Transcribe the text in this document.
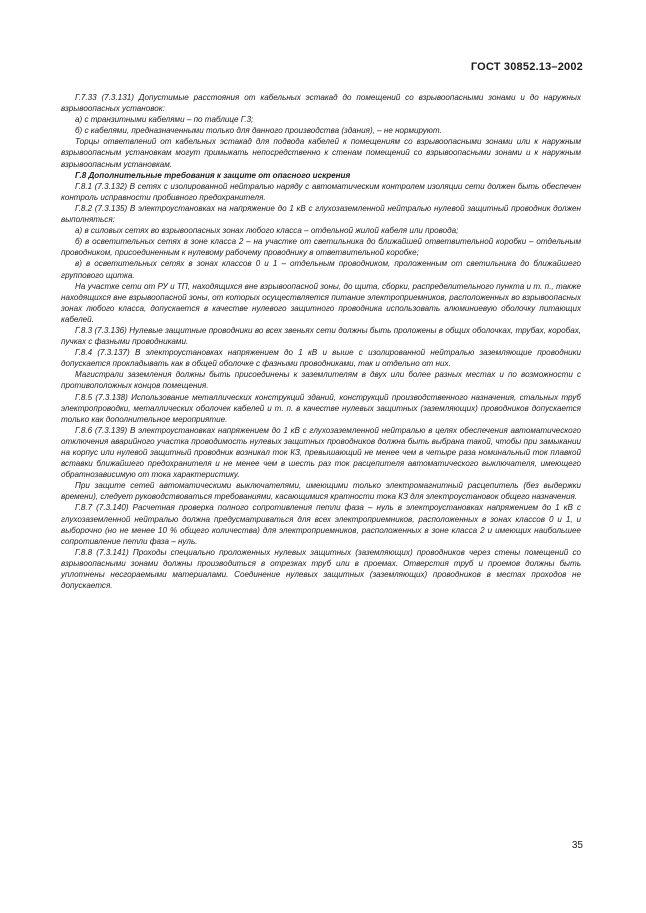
ГОСТ 30852.13–2002

Г.7.33 (7.3.131) Допустимые расстояния от кабельных эстакад до помещений со взрывоопасными зонами и до наружных взрывоопасных установок:

а) с транзитными кабелями – по таблице Г.3;

б) с кабелями, предназначенными только для данного производства (здания), – не нормируют.

Торцы ответвлений от кабельных эстакад для подвода кабелей к помещениям со взрывоопасными зонами или к наружным взрывоопасным установкам могут примыкать непосредственно к стенам помещений со взрывоопасными зонами и к наружным взрывоопасным установкам.

Г.8 Дополнительные требования к защите от опасного искрения

Г.8.1 (7.3.132) В сетях с изолированной нейтралью наряду с автоматическим контролем изоляции сети должен быть обеспечен контроль исправности пробивного предохранителя.

Г.8.2 (7.3.135) В электроустановках на напряжение до 1 кВ с глухозаземленной нейтралью нулевой защитный проводник должен выполняться:

а) в силовых сетях во взрывоопасных зонах любого класса – отдельной жилой кабеля или провода;

б) в осветительных сетях в зоне класса 2 – на участке от светильника до ближайшей ответвительной коробки – отдельным проводником, присоединенным к нулевому рабочему проводнику в ответвительной коробке;

в) в осветительных сетях в зонах классов 0 и 1 – отдельным проводником, проложенным от светильника до ближайшего группового щитка.

На участке сети от РУ и ТП, находящихся вне взрывоопасной зоны, до щита, сборки, распределительного пункта и т. п., также находящихся вне взрывоопасной зоны, от которых осуществляется питание электроприемников, расположенных во взрывоопасных зонах любого класса, допускается в качестве нулевого защитного проводника использовать алюминиевую оболочку питающих кабелей.

Г.8.3 (7.3.136) Нулевые защитные проводники во всех звеньях сети должны быть проложены в общих оболочках, трубах, коробах, пучках с фазными проводниками.

Г.8.4 (7.3.137) В электроустановках напряжением до 1 кВ и выше с изолированной нейтралью заземляющие проводники допускается прокладывать как в общей оболочке с фазными проводниками, так и отдельно от них.

Магистрали заземления должны быть присоединены к заземлителям в двух или более разных местах и по возможности с противоположных концов помещения.

Г.8.5 (7.3.138) Использование металлических конструкций зданий, конструкций производственного назначения, стальных труб электропроводки, металлических оболочек кабелей и т. п. в качестве нулевых защитных (заземляющих) проводников допускается только как дополнительное мероприятие.

Г.8.6 (7.3.139) В электроустановках напряжением до 1 кВ с глухозаземленной нейтралью в целях обеспечения автоматического отключения аварийного участка проводимость нулевых защитных проводников должна быть выбрана такой, чтобы при замыкании на корпус или нулевой защитный проводник возникал ток КЗ, превышающий не менее чем в четыре раза номинальный ток плавкой вставки ближайшего предохранителя и не менее чем в шесть раз ток расцепителя автоматического выключателя, имеющего обратнозависимую от тока характеристику.

При защите сетей автоматическими выключателями, имеющими только электромагнитный расцепитель (без выдержки времени), следует руководствоваться требованиями, касающимися кратности тока КЗ для электроустановок общего назначения.

Г.8.7 (7.3.140) Расчетная проверка полного сопротивления петли фаза – нуль в электроустановках напряжением до 1 кВ с глухозаземленной нейтралью должна предусматриваться для всех электроприемников, расположенных в зонах классов 0 и 1, и выборочно (но не менее 10 % общего количества) для электроприемников, расположенных в зоне класса 2 и имеющих наибольшее сопротивление петли фаза – нуль.

Г.8.8 (7.3.141) Проходы специально проложенных нулевых защитных (заземляющих) проводников через стены помещений со взрывоопасными зонами должны производиться в отрезках труб или в проемах. Отверстия труб и проемов должны быть уплотнены несгораемыми материалами. Соединение нулевых защитных (заземляющих) проводников в местах проходов не допускается.

35
